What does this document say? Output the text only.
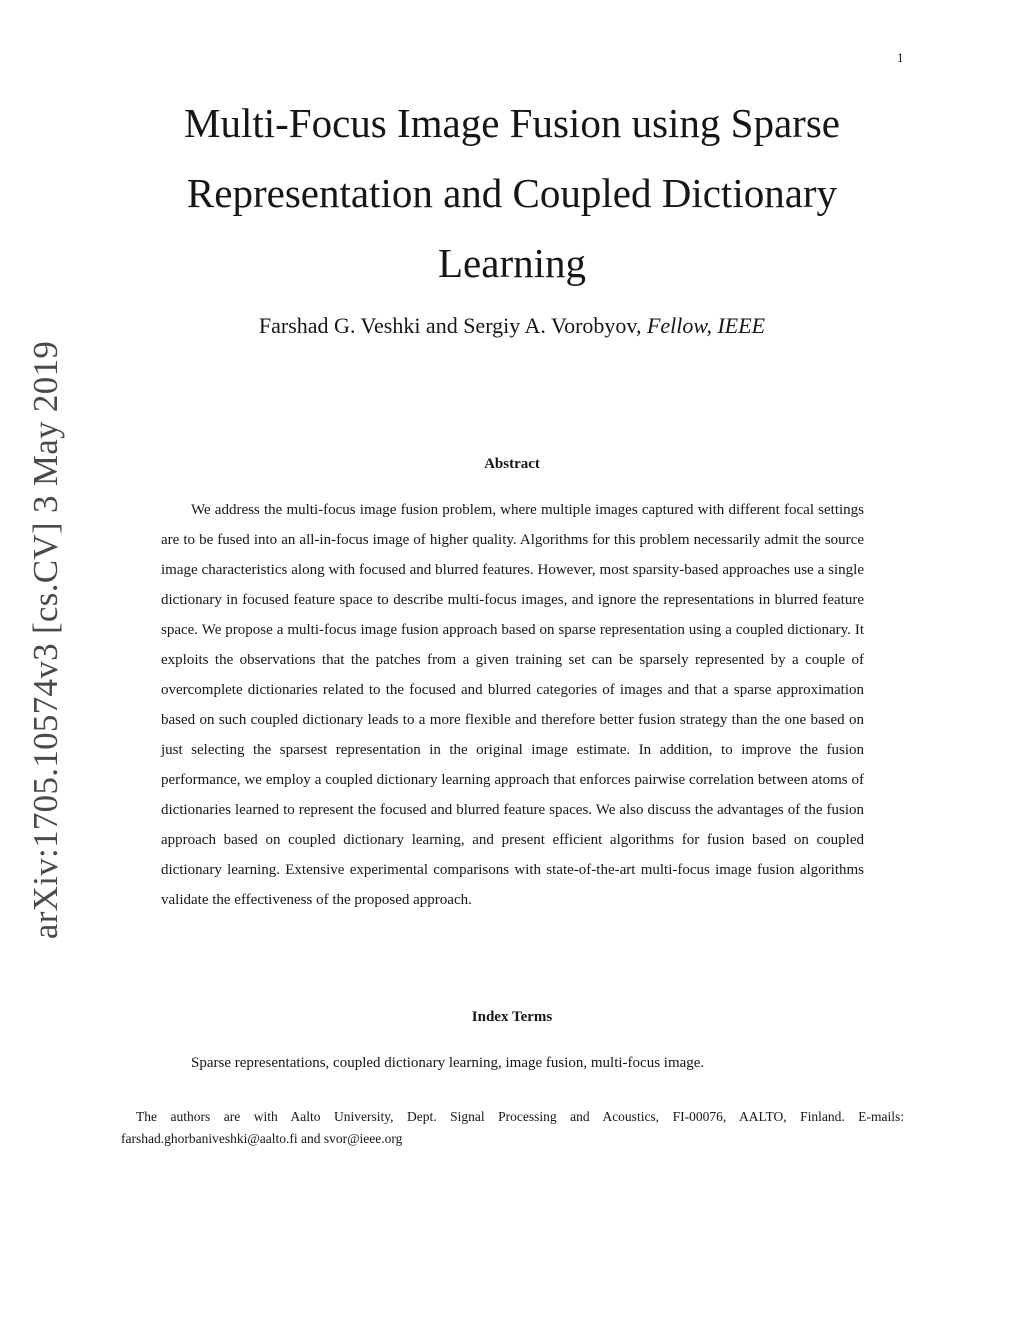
1
arXiv:1705.10574v3 [cs.CV] 3 May 2019
Multi-Focus Image Fusion using Sparse Representation and Coupled Dictionary Learning
Farshad G. Veshki and Sergiy A. Vorobyov, Fellow, IEEE
Abstract

We address the multi-focus image fusion problem, where multiple images captured with different focal settings are to be fused into an all-in-focus image of higher quality. Algorithms for this problem necessarily admit the source image characteristics along with focused and blurred features. However, most sparsity-based approaches use a single dictionary in focused feature space to describe multi-focus images, and ignore the representations in blurred feature space. We propose a multi-focus image fusion approach based on sparse representation using a coupled dictionary. It exploits the observations that the patches from a given training set can be sparsely represented by a couple of overcomplete dictionaries related to the focused and blurred categories of images and that a sparse approximation based on such coupled dictionary leads to a more flexible and therefore better fusion strategy than the one based on just selecting the sparsest representation in the original image estimate. In addition, to improve the fusion performance, we employ a coupled dictionary learning approach that enforces pairwise correlation between atoms of dictionaries learned to represent the focused and blurred feature spaces. We also discuss the advantages of the fusion approach based on coupled dictionary learning, and present efficient algorithms for fusion based on coupled dictionary learning. Extensive experimental comparisons with state-of-the-art multi-focus image fusion algorithms validate the effectiveness of the proposed approach.

Index Terms

Sparse representations, coupled dictionary learning, image fusion, multi-focus image.

The authors are with Aalto University, Dept. Signal Processing and Acoustics, FI-00076, AALTO, Finland. E-mails: farshad.ghorbaniveshki@aalto.fi and svor@ieee.org
